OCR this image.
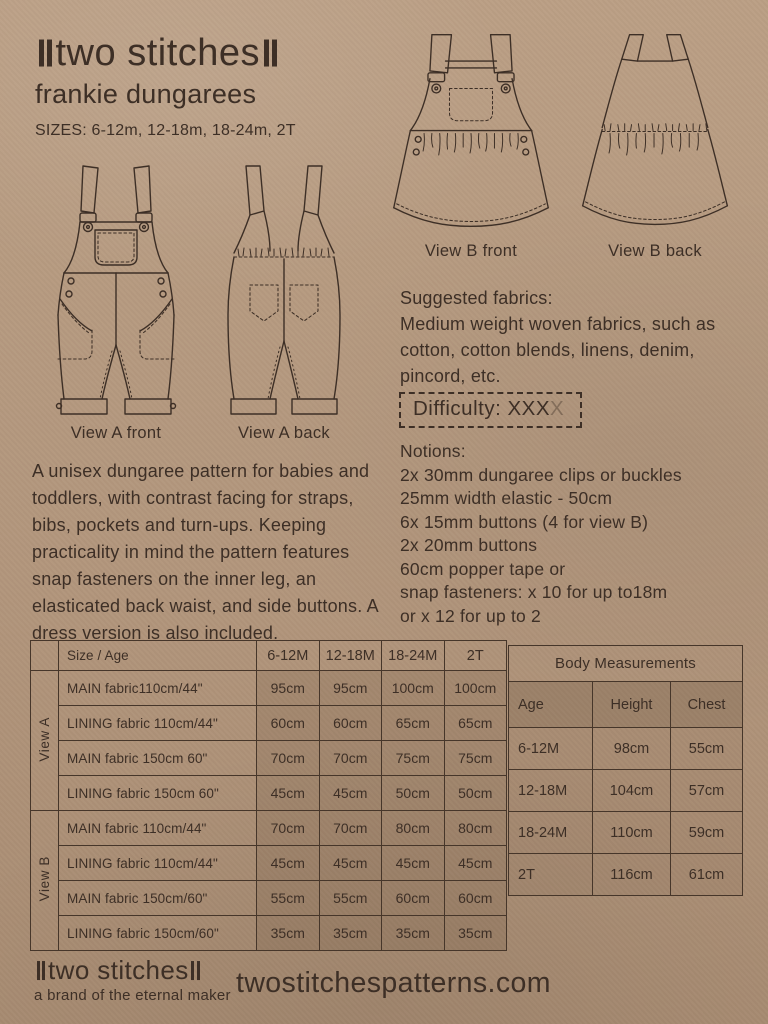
two stitches
frankie dungarees
SIZES: 6-12m, 12-18m, 18-24m, 2T
View B front	View B back
View A front	View A back
Suggested fabrics:
Medium weight woven fabrics, such as cotton, cotton blends, linens, denim, pincord, etc.
Difficulty: XXXX
Notions:
2x 30mm dungaree clips or buckles
25mm width elastic - 50cm
6x 15mm buttons (4 for view B)
2x 20mm buttons
60cm popper tape or
snap fasteners: x 10 for up to18m
or x 12 for up to 2
A unisex dungaree pattern for babies and toddlers, with contrast facing for straps, bibs, pockets and turn-ups. Keeping practicality in mind the pattern features snap fasteners on the inner leg, an elasticated back waist, and side buttons. A dress version is also included.
	Size / Age	6-12M	12-18M	18-24M	2T
View A	MAIN fabric110cm/44"	95cm	95cm	100cm	100cm
	LINING fabric 110cm/44"	60cm	60cm	65cm	65cm
	MAIN fabric 150cm 60"	70cm	70cm	75cm	75cm
	LINING fabric 150cm 60"	45cm	45cm	50cm	50cm
View B	MAIN fabric 110cm/44"	70cm	70cm	80cm	80cm
	LINING fabric 110cm/44"	45cm	45cm	45cm	45cm
	MAIN fabric 150cm/60"	55cm	55cm	60cm	60cm
	LINING fabric 150cm/60"	35cm	35cm	35cm	35cm
Body Measurements		
Age	Height	Chest
6-12M	98cm	55cm
12-18M	104cm	57cm
18-24M	110cm	59cm
2T	116cm	61cm
two stitches
a brand of the eternal maker twostitchespatterns.com
